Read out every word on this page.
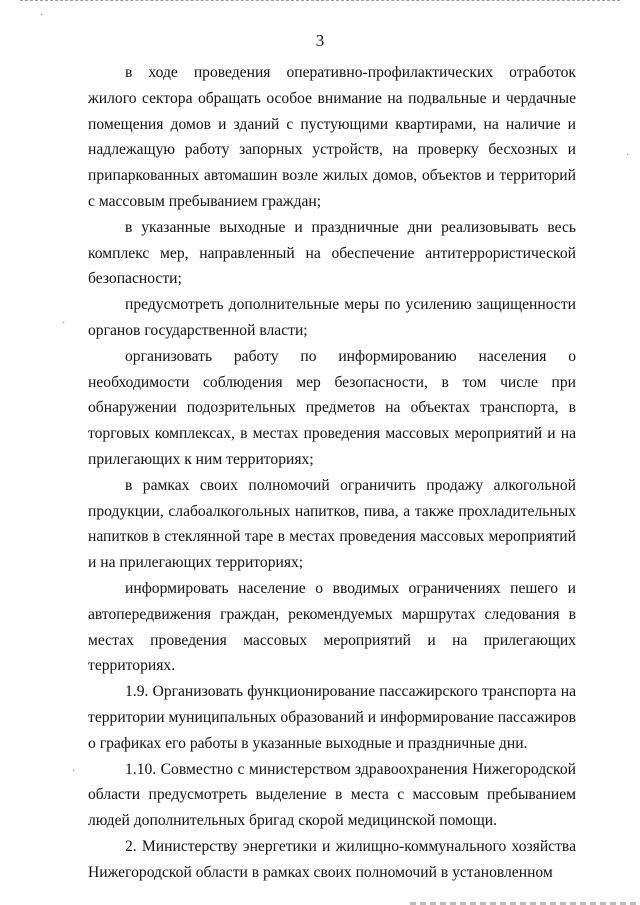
3

в ходе проведения оперативно-профилактических отработок жилого сектора обращать особое внимание на подвальные и чердачные помещения домов и зданий с пустующими квартирами, на наличие и надлежащую работу запорных устройств, на проверку бесхозных и припаркованных автомашин возле жилых домов, объектов и территорий с массовым пребыванием граждан;

в указанные выходные и праздничные дни реализовывать весь комплекс мер, направленный на обеспечение антитеррористической безопасности;

предусмотреть дополнительные меры по усилению защищенности органов государственной власти;

организовать работу по информированию населения о необходимости соблюдения мер безопасности, в том числе при обнаружении подозрительных предметов на объектах транспорта, в торговых комплексах, в местах проведения массовых мероприятий и на прилегающих к ним территориях;

в рамках своих полномочий ограничить продажу алкогольной продукции, слабоалкогольных напитков, пива, а также прохладительных напитков в стеклянной таре в местах проведения массовых мероприятий и на прилегающих территориях;

информировать население о вводимых ограничениях пешего и автопередвижения граждан, рекомендуемых маршрутах следования в местах проведения массовых мероприятий и на прилегающих территориях.

1.9. Организовать функционирование пассажирского транспорта на территории муниципальных образований и информирование пассажиров о графиках его работы в указанные выходные и праздничные дни.

1.10. Совместно с министерством здравоохранения Нижегородской области предусмотреть выделение в места с массовым пребыванием людей дополнительных бригад скорой медицинской помощи.

2. Министерству энергетики и жилищно-коммунального хозяйства Нижегородской области в рамках своих полномочий в установленном

·
·
·
·
